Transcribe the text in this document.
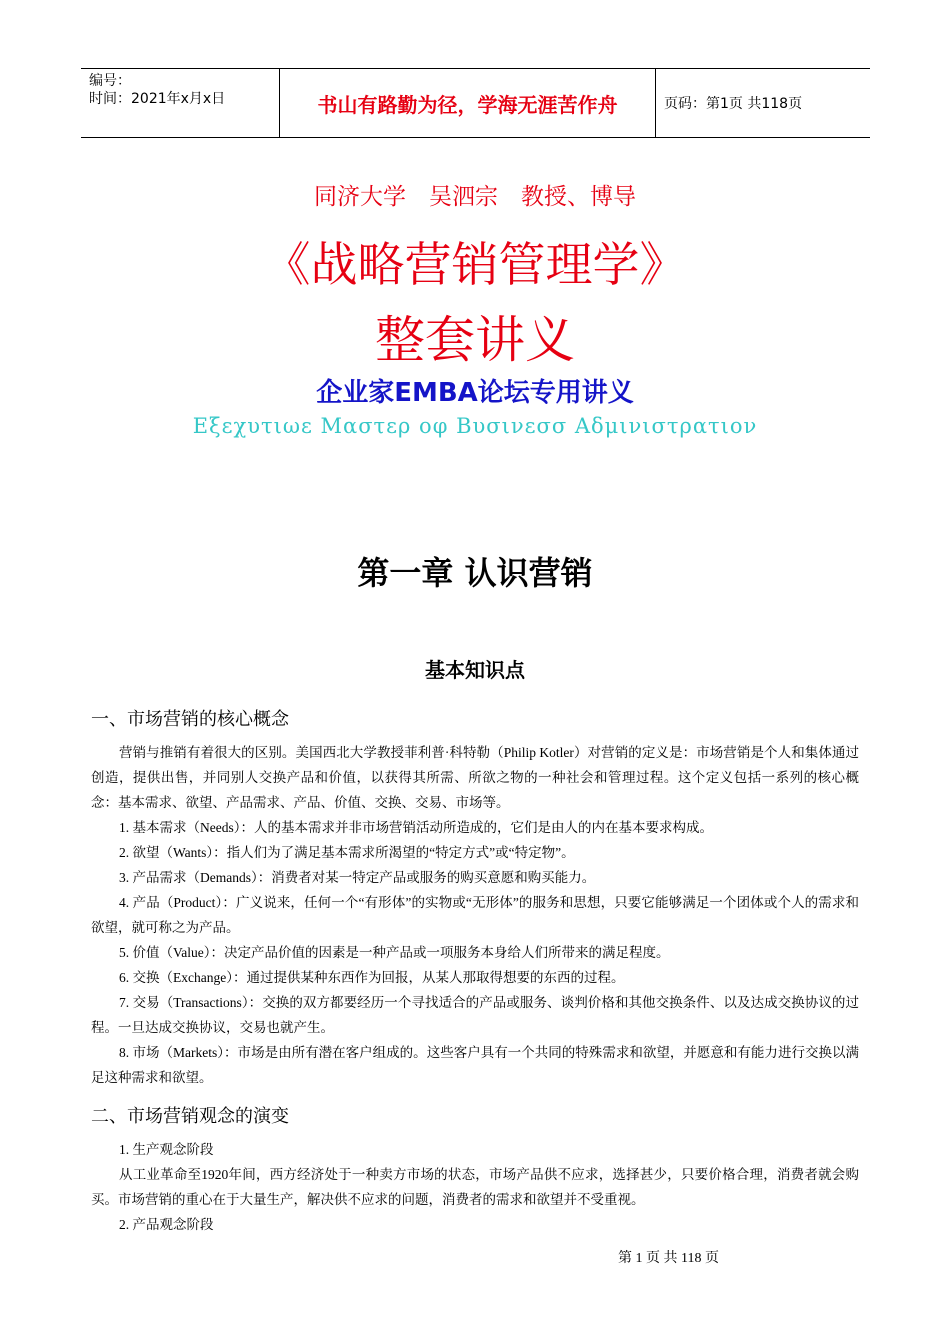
编号：
时间：2021年x月x日	书山有路勤为径，学海无涯苦作舟	页码：第1页 共118页
同济大学　吴泗宗　教授、博导
《战略营销管理学》
整套讲义
企业家EMBA论坛专用讲义
Εξεχυτιωε Μαστερ οφ Βυσινεσσ Αδμινιστρατιον
第一章 认识营销
基本知识点
一、市场营销的核心概念

营销与推销有着很大的区别。美国西北大学教授菲利普·科特勒（Philip Kotler）对营销的定义是：市场营销是个人和集体通过创造，提供出售，并同别人交换产品和价值，以获得其所需、所欲之物的一种社会和管理过程。这个定义包括一系列的核心概念：基本需求、欲望、产品需求、产品、价值、交换、交易、市场等。

1. 基本需求（Needs）：人的基本需求并非市场营销活动所造成的，它们是由人的内在基本要求构成。

2. 欲望（Wants）：指人们为了满足基本需求所渴望的“特定方式”或“特定物”。

3. 产品需求（Demands）：消费者对某一特定产品或服务的购买意愿和购买能力。

4. 产品（Product）：广义说来，任何一个“有形体”的实物或“无形体”的服务和思想，只要它能够满足一个团体或个人的需求和欲望，就可称之为产品。

5. 价值（Value）：决定产品价值的因素是一种产品或一项服务本身给人们所带来的满足程度。

6. 交换（Exchange）：通过提供某种东西作为回报，从某人那取得想要的东西的过程。

7. 交易（Transactions）：交换的双方都要经历一个寻找适合的产品或服务、谈判价格和其他交换条件、以及达成交换协议的过程。一旦达成交换协议，交易也就产生。

8. 市场（Markets）：市场是由所有潜在客户组成的。这些客户具有一个共同的特殊需求和欲望，并愿意和有能力进行交换以满足这种需求和欲望。

二、市场营销观念的演变

1. 生产观念阶段

从工业革命至1920年间，西方经济处于一种卖方市场的状态，市场产品供不应求，选择甚少，只要价格合理，消费者就会购买。市场营销的重心在于大量生产，解决供不应求的问题，消费者的需求和欲望并不受重视。

2. 产品观念阶段

第 1 页 共 118 页
